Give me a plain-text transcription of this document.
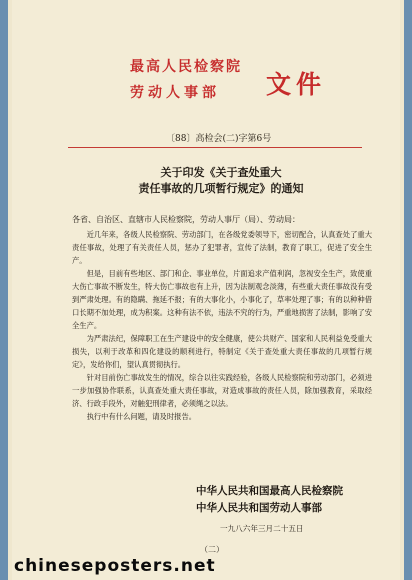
最高人民检察院
劳动人事部 文件
〔88〕高检会(二)字第6号
关于印发《关于查处重大
责任事故的几项暂行规定》的通知
各省、自治区、直辖市人民检察院，劳动人事厅（局）、劳动局：

近几年来，各级人民检察院、劳动部门，在各级党委领导下，密切配合，认真查处了重大责任事故，处理了有关责任人员，惩办了犯罪者，宣传了法制，教育了职工，促进了安全生产。

但是，目前有些地区、部门和企、事业单位，片面追求产值利润，忽视安全生产，致使重大伤亡事故不断发生，特大伤亡事故也有上升，因为法制观念淡薄，有些重大责任事故没有受到严肃处理。有的隐瞒、拖延不报；有的大事化小，小事化了，草率处理了事；有的以种种借口长期不加处理，成为积案。这种有法不依，违法不究的行为，严重地损害了法制，影响了安全生产。

为严肃法纪，保障职工在生产建设中的安全健康，使公共财产、国家和人民利益免受重大损失，以利于改革和四化建设的顺利进行，特制定《关于查处重大责任事故的几项暂行规定》，发给你们，望认真贯彻执行。

针对目前伤亡事故发生的情况，综合以往实践经验，各级人民检察院和劳动部门，必须进一步加强协作联系，认真查处重大责任事故，对造成事故的责任人员，除加强教育，采取经济、行政手段外，对触犯刑律者，必须绳之以法。

执行中有什么问题，请及时报告。

中华人民共和国最高人民检察院
中华人民共和国劳动人事部
一九八六年三月二十五日
（二）
chineseposters.net
